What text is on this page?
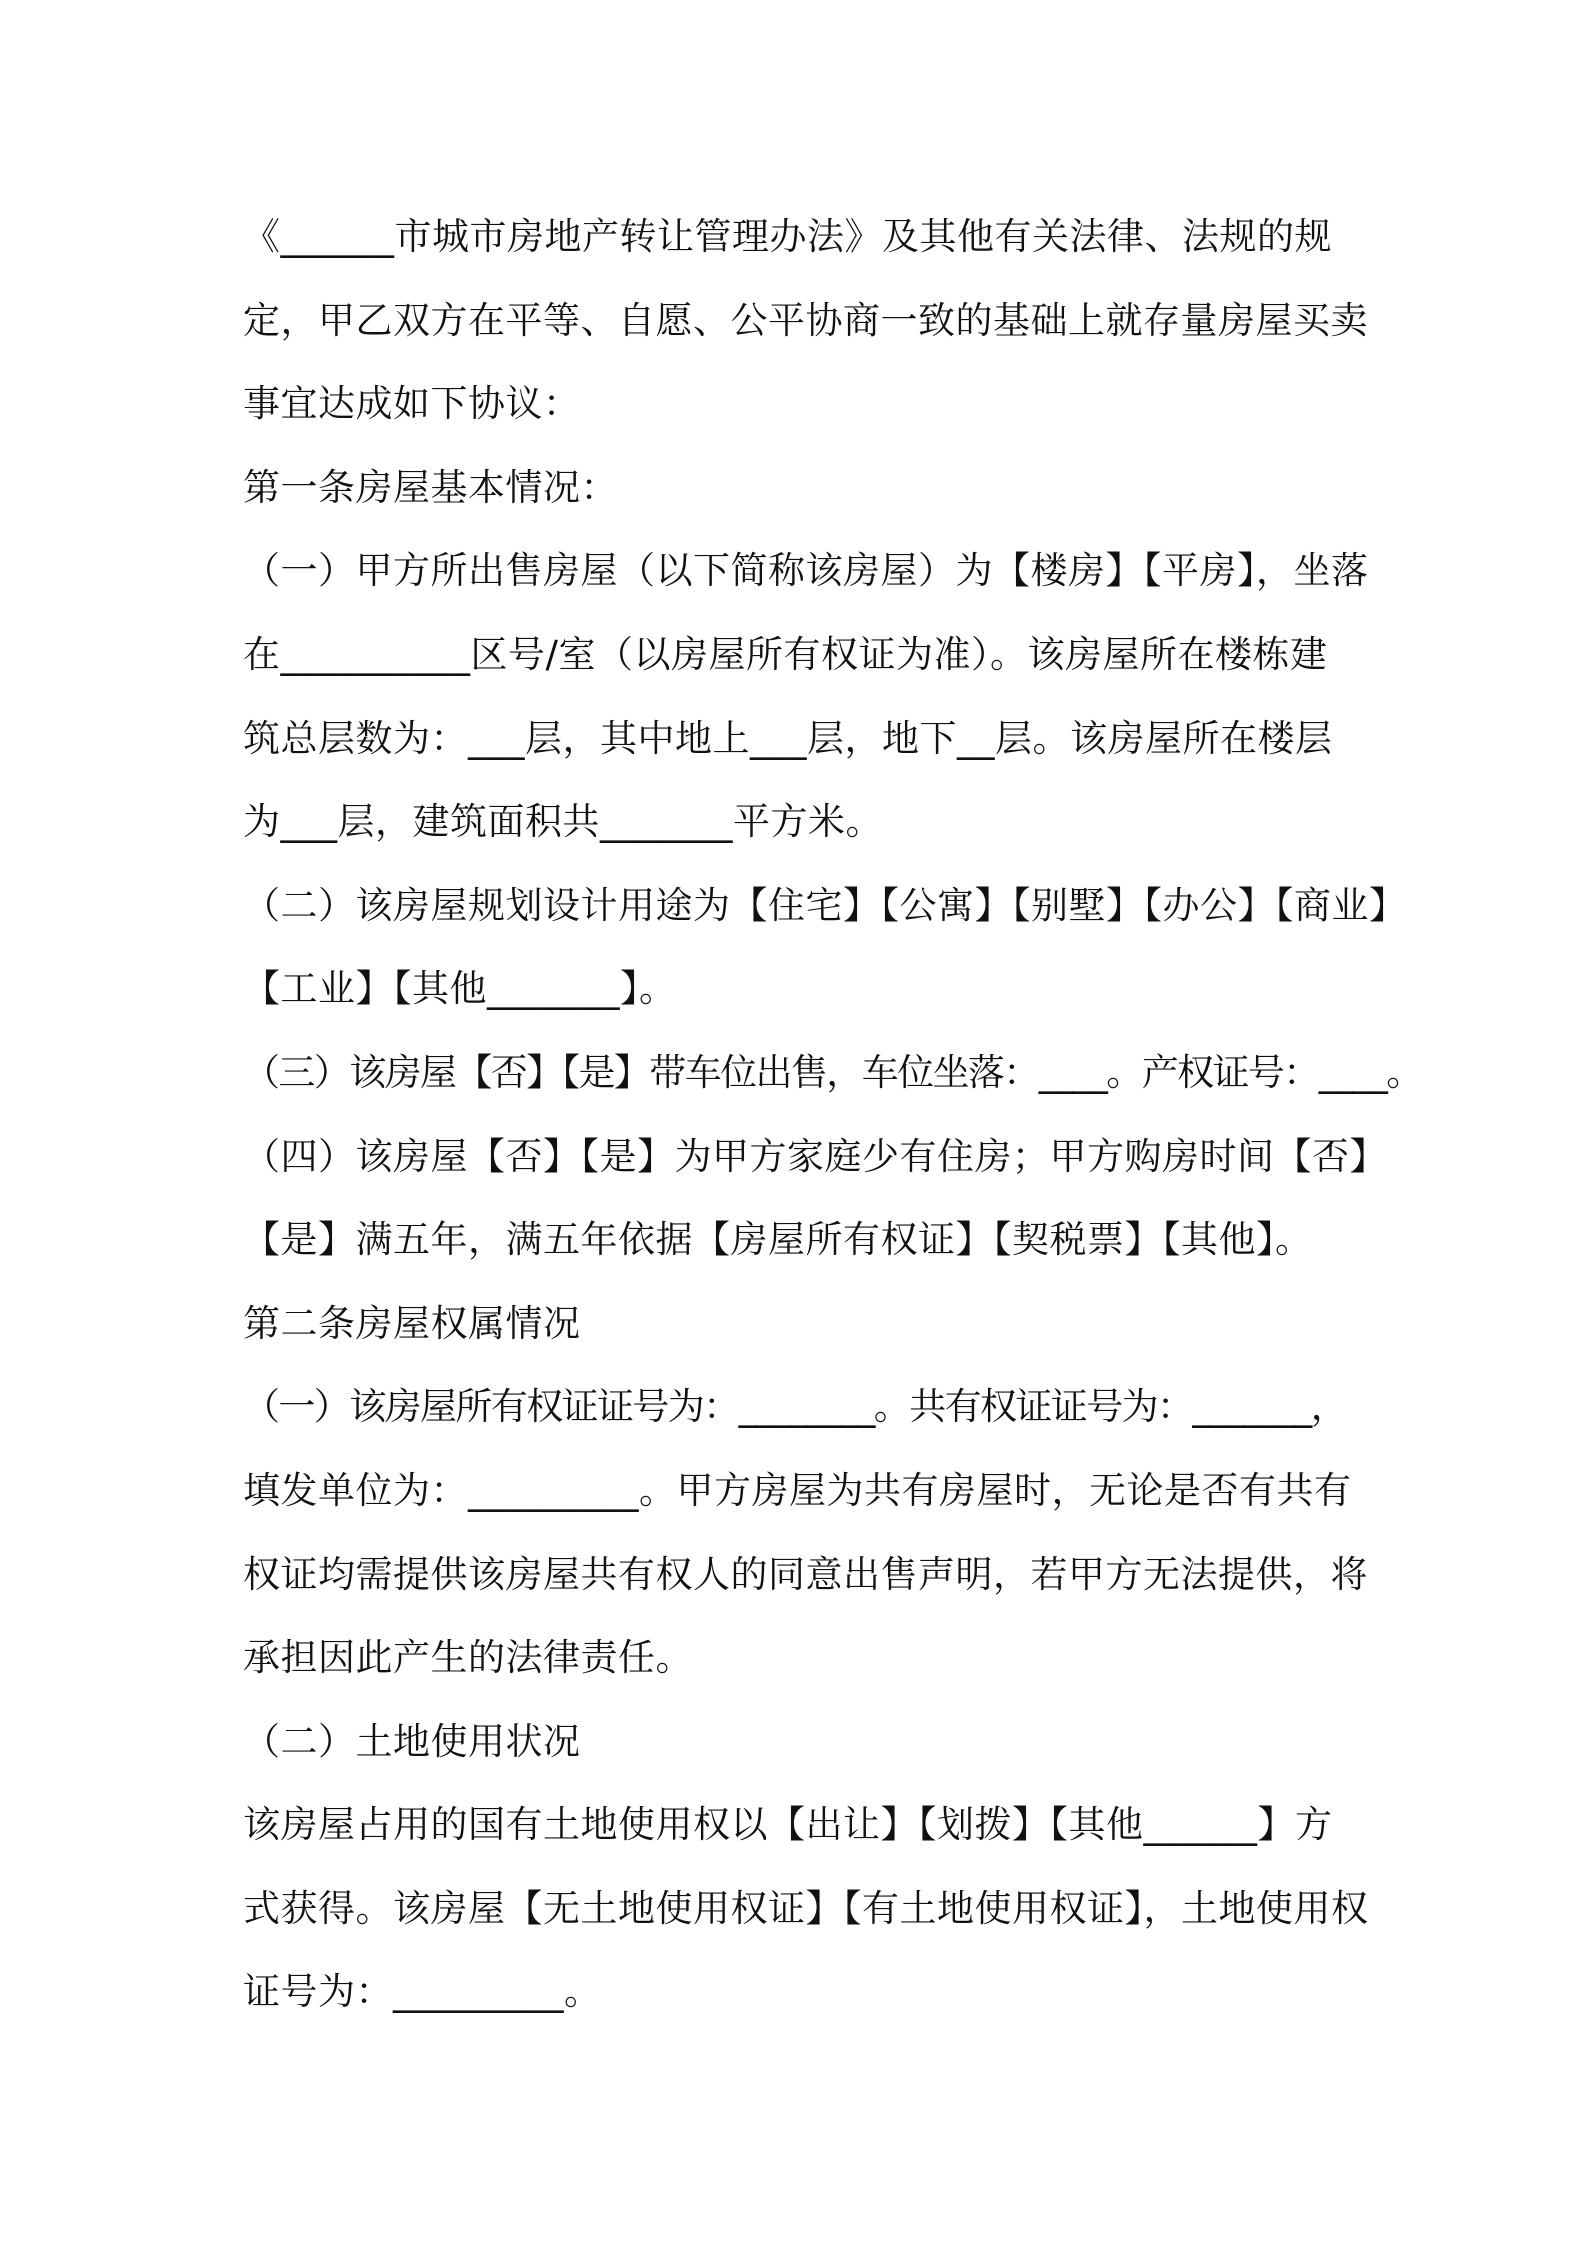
《______市城市房地产转让管理办法》及其他有关法律、法规的规
定，甲乙双方在平等、自愿、公平协商一致的基础上就存量房屋买卖
事宜达成如下协议：
第一条房屋基本情况：
（一）甲方所出售房屋（以下简称该房屋）为【楼房】【平房】，坐落
在__________区号/室（以房屋所有权证为准）。该房屋所在楼栋建
筑总层数为：___层，其中地上___层，地下__层。该房屋所在楼层
为___层，建筑面积共_______平方米。
（二）该房屋规划设计用途为【住宅】【公寓】【别墅】【办公】【商业】
【工业】【其他_______】。
（三）该房屋【否】【是】带车位出售，车位坐落：____。产权证号：____。
（四）该房屋【否】【是】为甲方家庭少有住房；甲方购房时间【否】
【是】满五年，满五年依据【房屋所有权证】【契税票】【其他】。
第二条房屋权属情况
（一）该房屋所有权证证号为：________。共有权证证号为：_______，
填发单位为：_________。甲方房屋为共有房屋时，无论是否有共有
权证均需提供该房屋共有权人的同意出售声明，若甲方无法提供，将
承担因此产生的法律责任。
（二）土地使用状况
该房屋占用的国有土地使用权以【出让】【划拨】【其他______】方
式获得。该房屋【无土地使用权证】【有土地使用权证】，土地使用权
证号为：_________。
